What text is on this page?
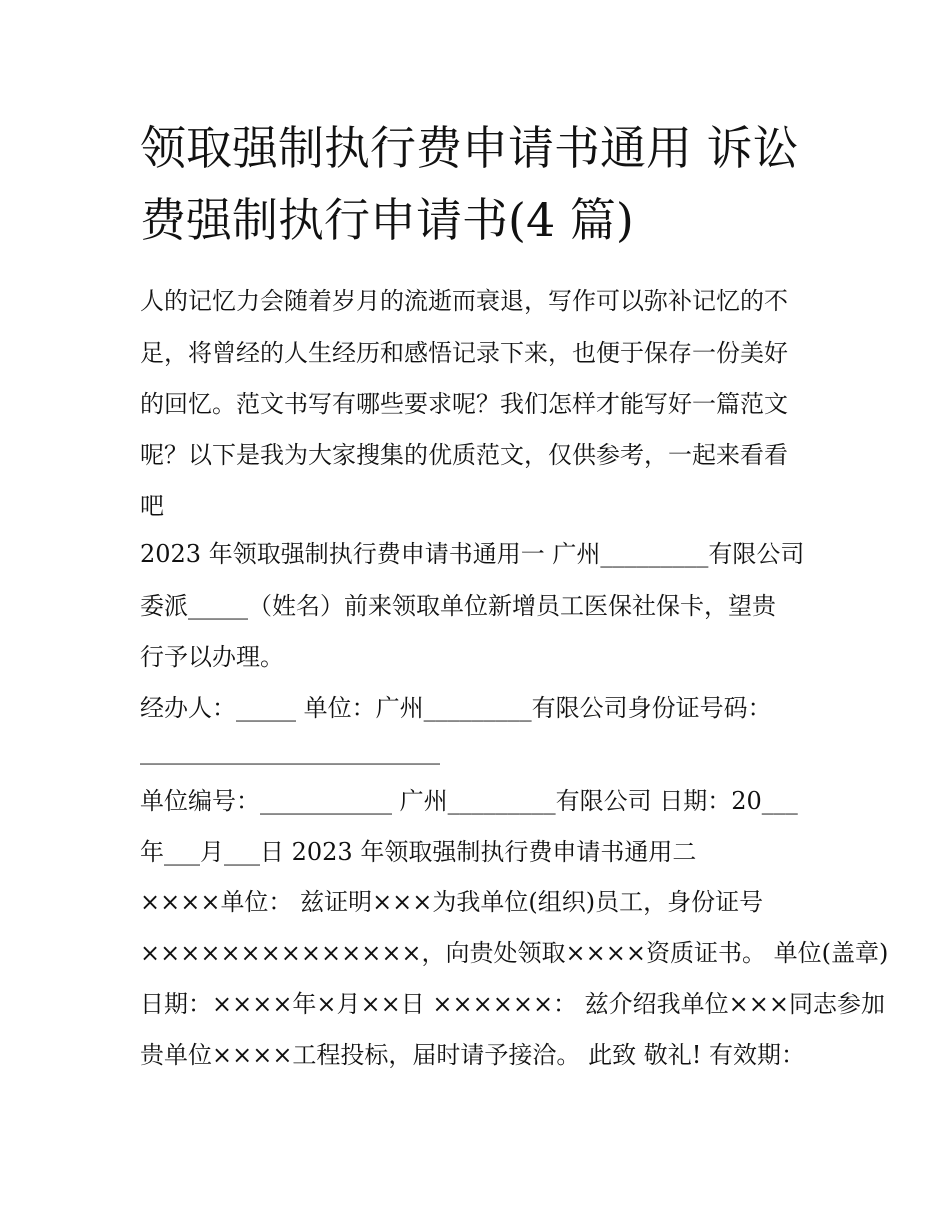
领取强制执行费申请书通用 诉讼费强制执行申请书(4 篇)
人的记忆力会随着岁月的流逝而衰退，写作可以弥补记忆的不
足，将曾经的人生经历和感悟记录下来，也便于保存一份美好
的回忆。范文书写有哪些要求呢？我们怎样才能写好一篇范文
呢？以下是我为大家搜集的优质范文，仅供参考，一起来看看
吧
2023 年领取强制执行费申请书通用一 广州_________有限公司
委派_____（姓名）前来领取单位新增员工医保社保卡，望贵
行予以办理。
经办人：_____ 单位：广州_________有限公司身份证号码：
_________________________
单位编号：___________ 广州_________有限公司 日期：20___
年___月___日 2023 年领取强制执行费申请书通用二
××××单位： 兹证明×××为我单位(组织)员工，身份证号
××××××××××××××，向贵处领取××××资质证书。 单位(盖章)
日期：××××年×月××日 ××××××： 兹介绍我单位×××同志参加
贵单位××××工程投标，届时请予接洽。 此致 敬礼! 有效期：
